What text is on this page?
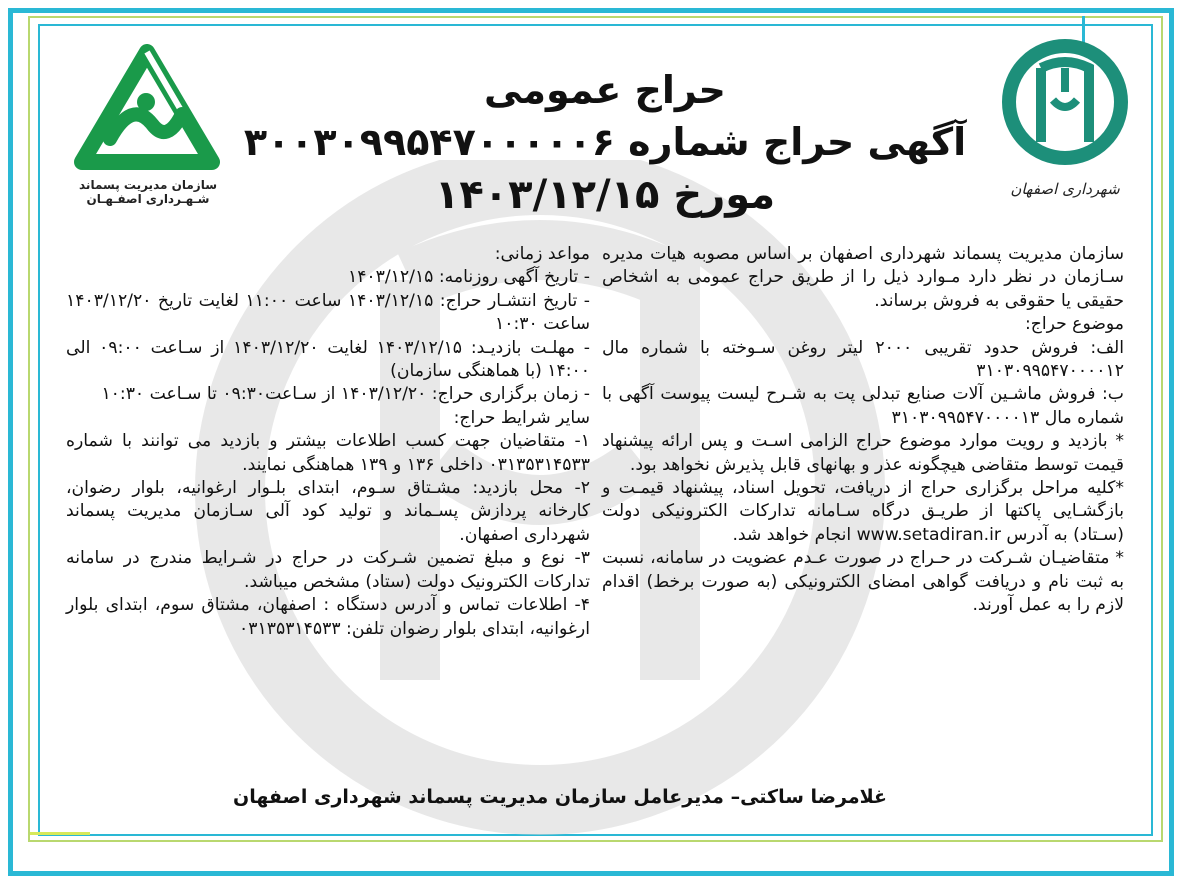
سازمان مدیریت پسماند
شـهـرداری اصفـهـان
شهرداری اصفهان
حراج عمومی
آگهی حراج شماره ۳۰۰۳۰۹۹۵۴۷۰۰۰۰۰۶
مورخ ۱۴۰۳/۱۲/۱۵

سازمان مدیریت پسماند شهرداری اصفهان بر اساس مصوبه هیات مدیره سـازمان در نظر دارد مـوارد ذیل را از طریق حراج عمومی به اشخاص حقیقی یا حقوقی به فروش برساند.

موضوع حراج:

الف: فروش حدود تقریبی ۲۰۰۰ لیتر روغن سـوخته با شماره مال ۳۱۰۳۰۹۹۵۴۷۰۰۰۰۱۲

ب: فروش ماشـین آلات صنایع تبدلی پت به شـرح لیست پیوست آگهی با شماره مال ۳۱۰۳۰۹۹۵۴۷۰۰۰۰۱۳

* بازدید و رویت موارد موضوع حراج الزامی اسـت و پس ارائه پیشنهاد قیمت توسط متقاضی هیچگونه عذر و بهانهای قابل پذیرش نخواهد بود.

*کلیه مراحل برگزاری حراج از دریافت، تحویل اسناد، پیشنهاد قیمـت و بازگشـایی پاکتها از طریـق درگاه سـامانه تدارکات الکترونیکی دولت (سـتاد) به آدرس www.setadiran.ir انجام خواهد شد.

* متقاضیـان شـرکت در حـراج در صورت عـدم عضویت در سامانه، نسبت به ثبت نام و دریافت گواهی امضای الکترونیکی (به صورت برخط) اقدام لازم را به عمل آورند.

مواعد زمانی:

- تاریخ آگهی روزنامه: ۱۴۰۳/۱۲/۱۵

- تاریخ انتشـار حراج: ۱۴۰۳/۱۲/۱۵ ساعت ۱۱:۰۰ لغایت تاریخ ۱۴۰۳/۱۲/۲۰ ساعت ۱۰:۳۰

- مهلـت بازدیـد: ۱۴۰۳/۱۲/۱۵ لغایت ۱۴۰۳/۱۲/۲۰ از سـاعت ۰۹:۰۰ الی ۱۴:۰۰ (با هماهنگی سازمان)

- زمان برگزاری حراج: ۱۴۰۳/۱۲/۲۰ از سـاعت۰۹:۳۰ تا سـاعت ۱۰:۳۰

سایر شرایط حراج:

۱- متقاضیان جهت کسب اطلاعات بیشتر و بازدید می توانند با شماره ۰۳۱۳۵۳۱۴۵۳۳ داخلی ۱۳۶ و ۱۳۹ هماهنگی نمایند.

۲- محل بازدید: مشـتاق سـوم، ابتدای بلـوار ارغوانیه، بلوار رضوان، کارخانه پردازش پسـماند و تولید کود آلی سـازمان مدیریت پسماند شهرداری اصفهان.

۳- نوع و مبلغ تضمین شـرکت در حراج در شـرایط مندرج در سامانه تدارکات الکترونیک دولت (ستاد) مشخص میباشد.

۴- اطلاعات تماس و آدرس دستگاه : اصفهان، مشتاق سوم، ابتدای بلوار ارغوانیه، ابتدای بلوار رضوان تلفن: ۰۳۱۳۵۳۱۴۵۳۳

غلامرضا ساکتی– مدیرعامل سازمان مدیریت پسماند شهرداری اصفهان
